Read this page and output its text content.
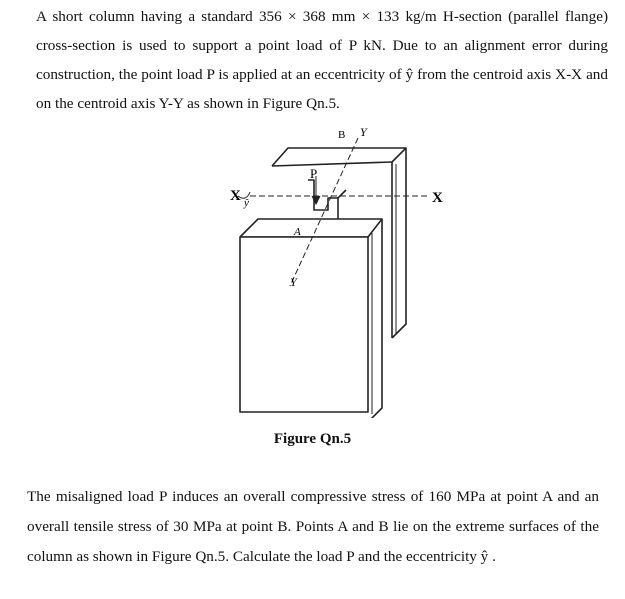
A short column having a standard 356 × 368 mm × 133 kg/m H-section (parallel flange) cross-section is used to support a point load of P kN. Due to an alignment error during construction, the point load P is applied at an eccentricity of ŷ from the centroid axis X-X and on the centroid axis Y-Y as shown in Figure Qn.5.

X	X
Y
Y
P
A
B
ŷ
Figure Qn.5

The misaligned load P induces an overall compressive stress of 160 MPa at point A and an overall tensile stress of 30 MPa at point B. Points A and B lie on the extreme surfaces of the column as shown in Figure Qn.5. Calculate the load P and the eccentricity ŷ .
